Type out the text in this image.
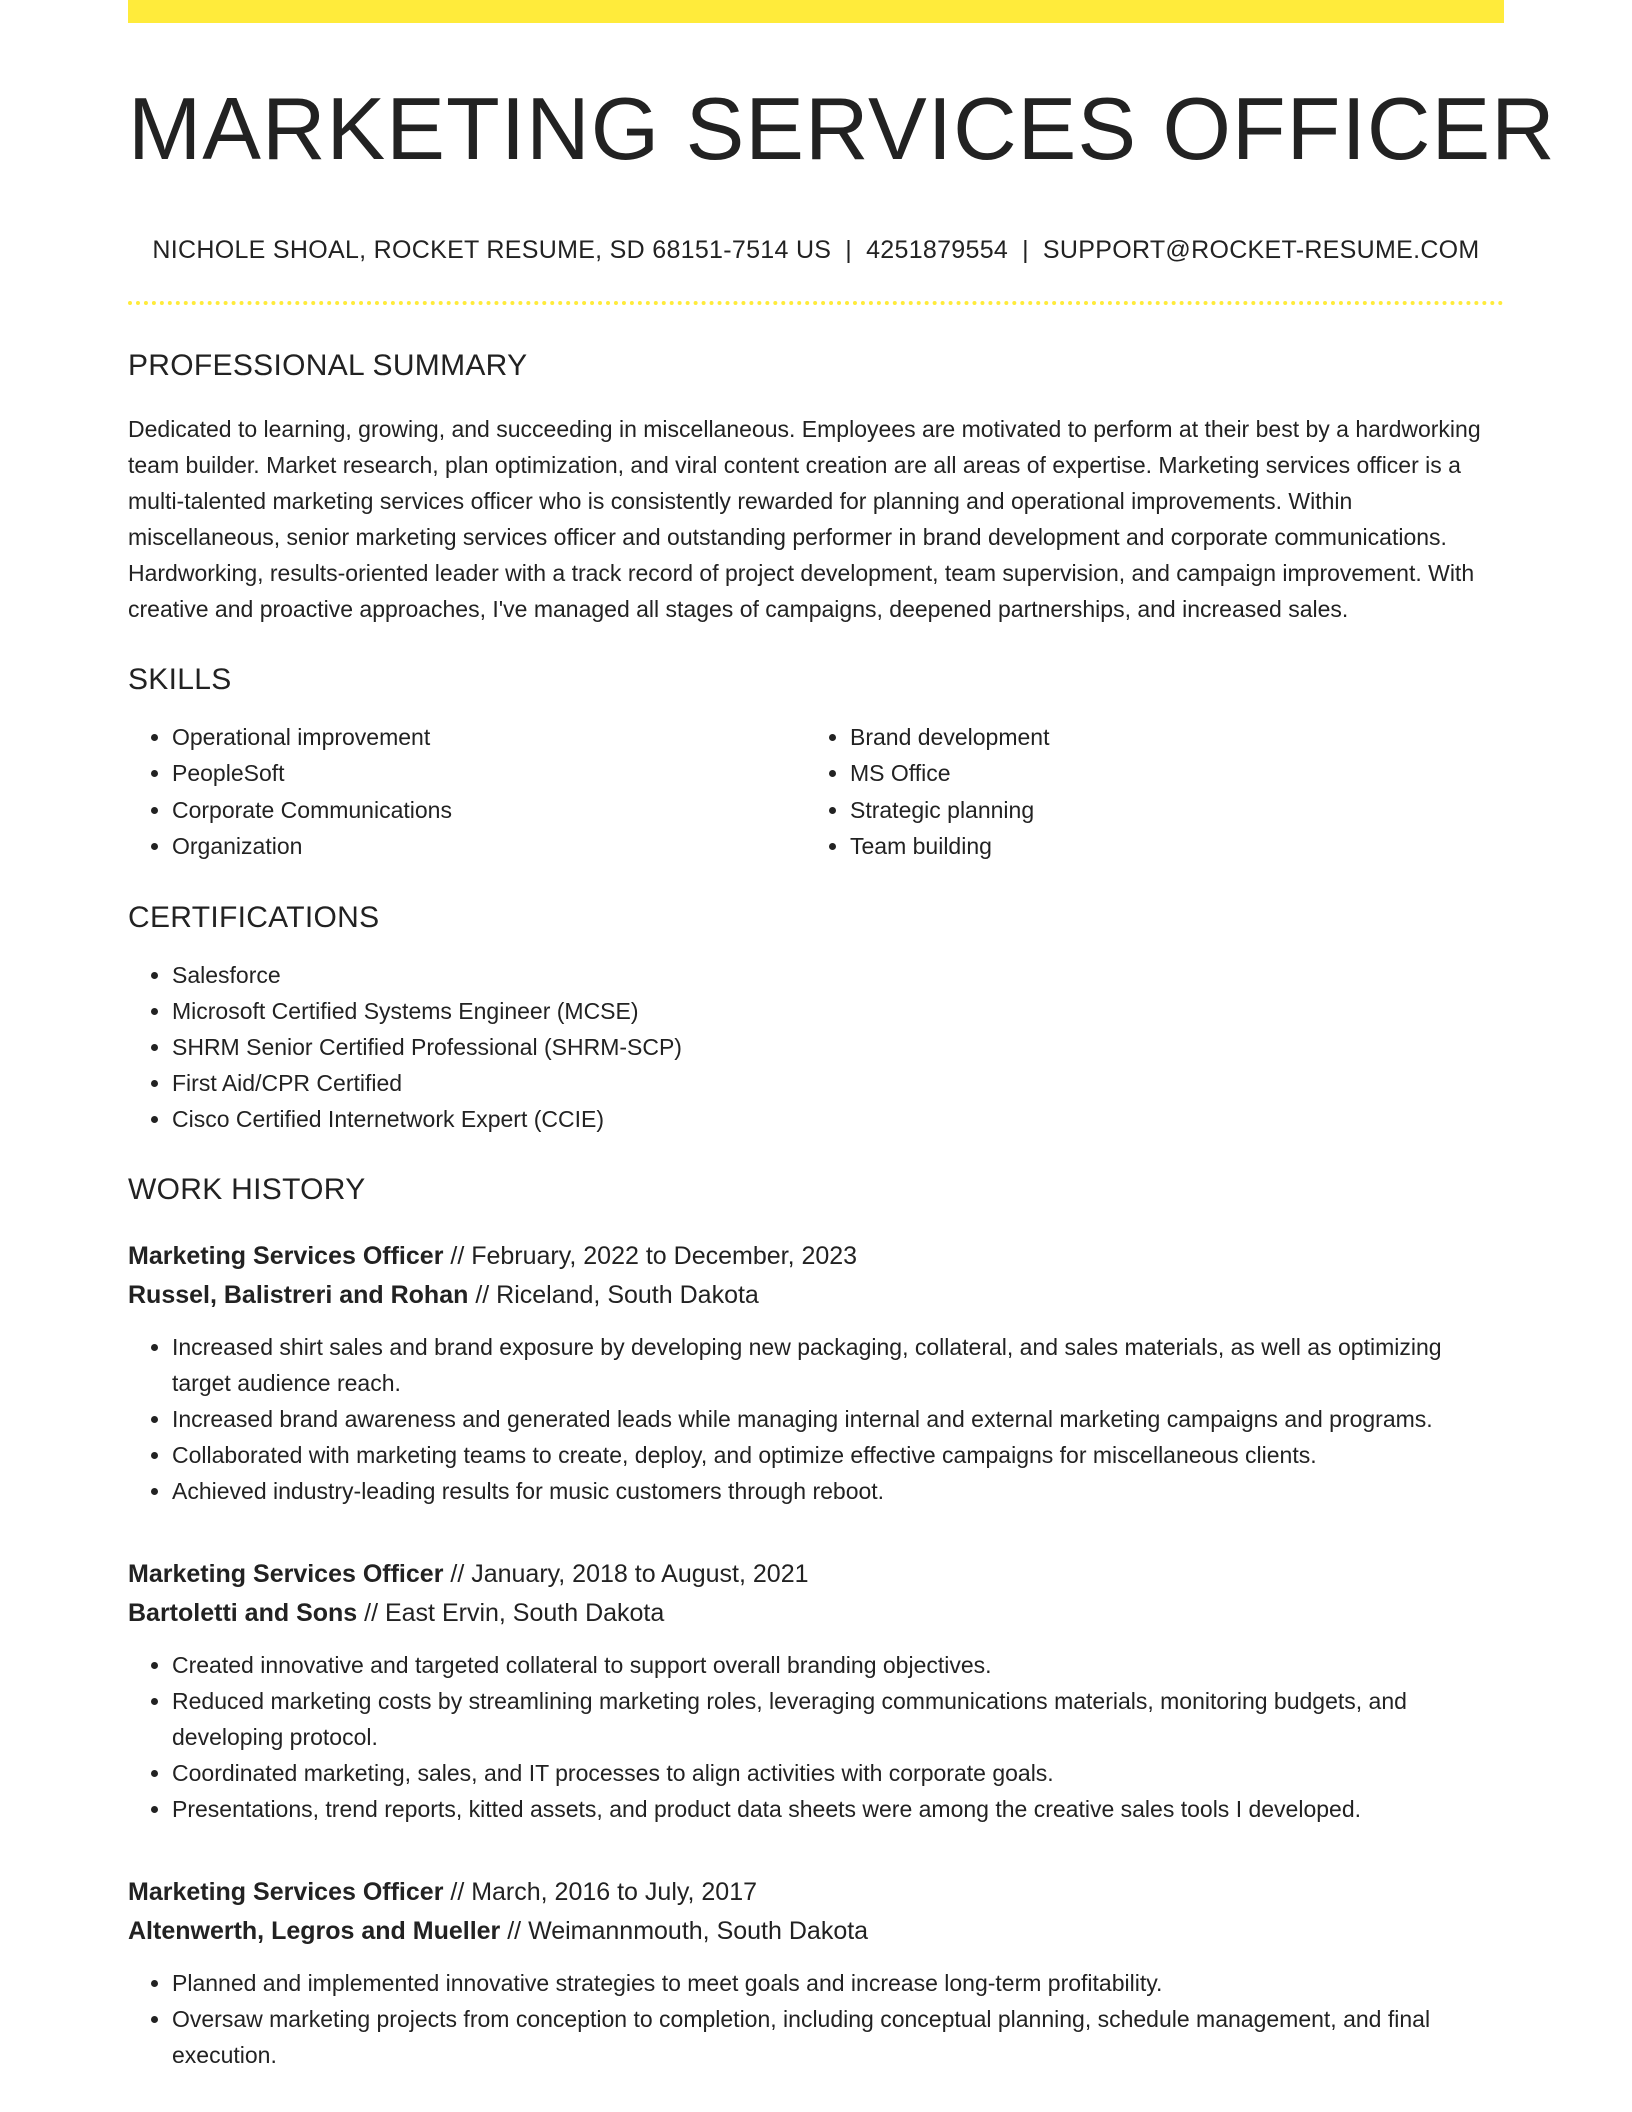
MARKETING SERVICES OFFICER
NICHOLE SHOAL, ROCKET RESUME, SD 68151-7514 US | 4251879554 | SUPPORT@ROCKET-RESUME.COM
PROFESSIONAL SUMMARY
Dedicated to learning, growing, and succeeding in miscellaneous. Employees are motivated to perform at their best by a hardworking team builder. Market research, plan optimization, and viral content creation are all areas of expertise. Marketing services officer is a multi-talented marketing services officer who is consistently rewarded for planning and operational improvements. Within miscellaneous, senior marketing services officer and outstanding performer in brand development and corporate communications. Hardworking, results-oriented leader with a track record of project development, team supervision, and campaign improvement. With creative and proactive approaches, I've managed all stages of campaigns, deepened partnerships, and increased sales.
SKILLS
• Operational improvement
• PeopleSoft
• Corporate Communications
• Organization
• Brand development
• MS Office
• Strategic planning
• Team building
CERTIFICATIONS
• Salesforce
• Microsoft Certified Systems Engineer (MCSE)
• SHRM Senior Certified Professional (SHRM-SCP)
• First Aid/CPR Certified
• Cisco Certified Internetwork Expert (CCIE)
WORK HISTORY
Marketing Services Officer // February, 2022 to December, 2023
Russel, Balistreri and Rohan // Riceland, South Dakota
• Increased shirt sales and brand exposure by developing new packaging, collateral, and sales materials, as well as optimizing target audience reach.
• Increased brand awareness and generated leads while managing internal and external marketing campaigns and programs.
• Collaborated with marketing teams to create, deploy, and optimize effective campaigns for miscellaneous clients.
• Achieved industry-leading results for music customers through reboot.
Marketing Services Officer // January, 2018 to August, 2021
Bartoletti and Sons // East Ervin, South Dakota
• Created innovative and targeted collateral to support overall branding objectives.
• Reduced marketing costs by streamlining marketing roles, leveraging communications materials, monitoring budgets, and developing protocol.
• Coordinated marketing, sales, and IT processes to align activities with corporate goals.
• Presentations, trend reports, kitted assets, and product data sheets were among the creative sales tools I developed.
Marketing Services Officer // March, 2016 to July, 2017
Altenwerth, Legros and Mueller // Weimannmouth, South Dakota
• Planned and implemented innovative strategies to meet goals and increase long-term profitability.
• Oversaw marketing projects from conception to completion, including conceptual planning, schedule management, and final execution.
